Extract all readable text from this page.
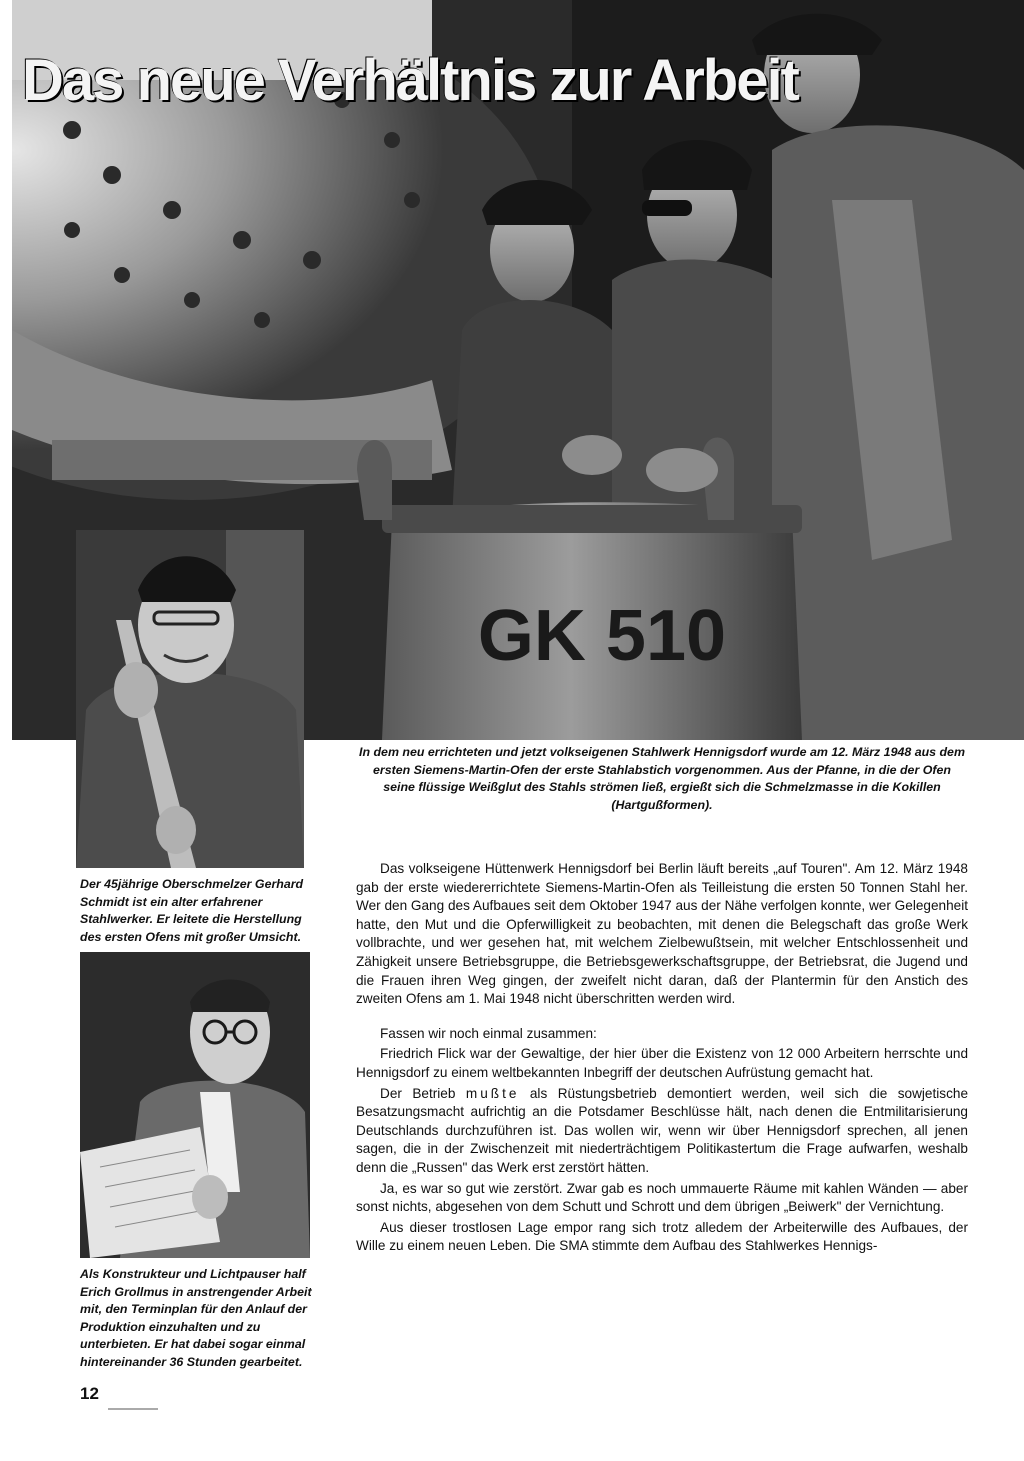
GK 510
Das neue Verhältnis zur Arbeit

In dem neu errichteten und jetzt volkseigenen Stahlwerk Hennigsdorf wurde am 12. März 1948 aus dem ersten Siemens-Martin-Ofen der erste Stahlabstich vorgenommen. Aus der Pfanne, in die der Ofen seine flüssige Weißglut des Stahls strömen ließ, ergießt sich die Schmelzmasse in die Kokillen (Hartgußformen).

Der 45jährige Oberschmelzer Gerhard Schmidt ist ein alter erfahrener Stahlwerker. Er leitete die Herstellung des ersten Ofens mit großer Umsicht.

Als Konstrukteur und Lichtpauser half Erich Grollmus in anstrengender Arbeit mit, den Terminplan für den Anlauf der Produktion einzuhalten und zu unterbieten. Er hat dabei sogar einmal hintereinander 36 Stunden gearbeitet.

Das volkseigene Hüttenwerk Hennigsdorf bei Berlin läuft bereits „auf Touren". Am 12. März 1948 gab der erste wiedererrichtete Siemens-Martin-Ofen als Teilleistung die ersten 50 Tonnen Stahl her. Wer den Gang des Aufbaues seit dem Oktober 1947 aus der Nähe verfolgen konnte, wer Gelegenheit hatte, den Mut und die Opferwilligkeit zu beobachten, mit denen die Belegschaft das große Werk vollbrachte, und wer gesehen hat, mit welchem Zielbewußtsein, mit welcher Entschlossenheit und Zähigkeit unsere Betriebsgruppe, die Betriebsgewerkschaftsgruppe, der Betriebsrat, die Jugend und die Frauen ihren Weg gingen, der zweifelt nicht daran, daß der Plantermin für den Anstich des zweiten Ofens am 1. Mai 1948 nicht überschritten werden wird.

Fassen wir noch einmal zusammen:

Friedrich Flick war der Gewaltige, der hier über die Existenz von 12 000 Arbeitern herrschte und Hennigsdorf zu einem weltbekannten Inbegriff der deutschen Aufrüstung gemacht hat.

Der Betrieb mußte als Rüstungsbetrieb demontiert werden, weil sich die sowjetische Besatzungsmacht aufrichtig an die Potsdamer Beschlüsse hält, nach denen die Entmilitarisierung Deutschlands durchzuführen ist. Das wollen wir, wenn wir über Hennigsdorf sprechen, all jenen sagen, die in der Zwischenzeit mit niederträchtigem Politikastertum die Frage aufwarfen, weshalb denn die „Russen" das Werk erst zerstört hätten.

Ja, es war so gut wie zerstört. Zwar gab es noch ummauerte Räume mit kahlen Wänden — aber sonst nichts, abgesehen von dem Schutt und Schrott und dem übrigen „Beiwerk" der Vernichtung.

Aus dieser trostlosen Lage empor rang sich trotz alledem der Arbeiterwille des Aufbaues, der Wille zu einem neuen Leben. Die SMA stimmte dem Aufbau des Stahlwerkes Hennigs-

12
